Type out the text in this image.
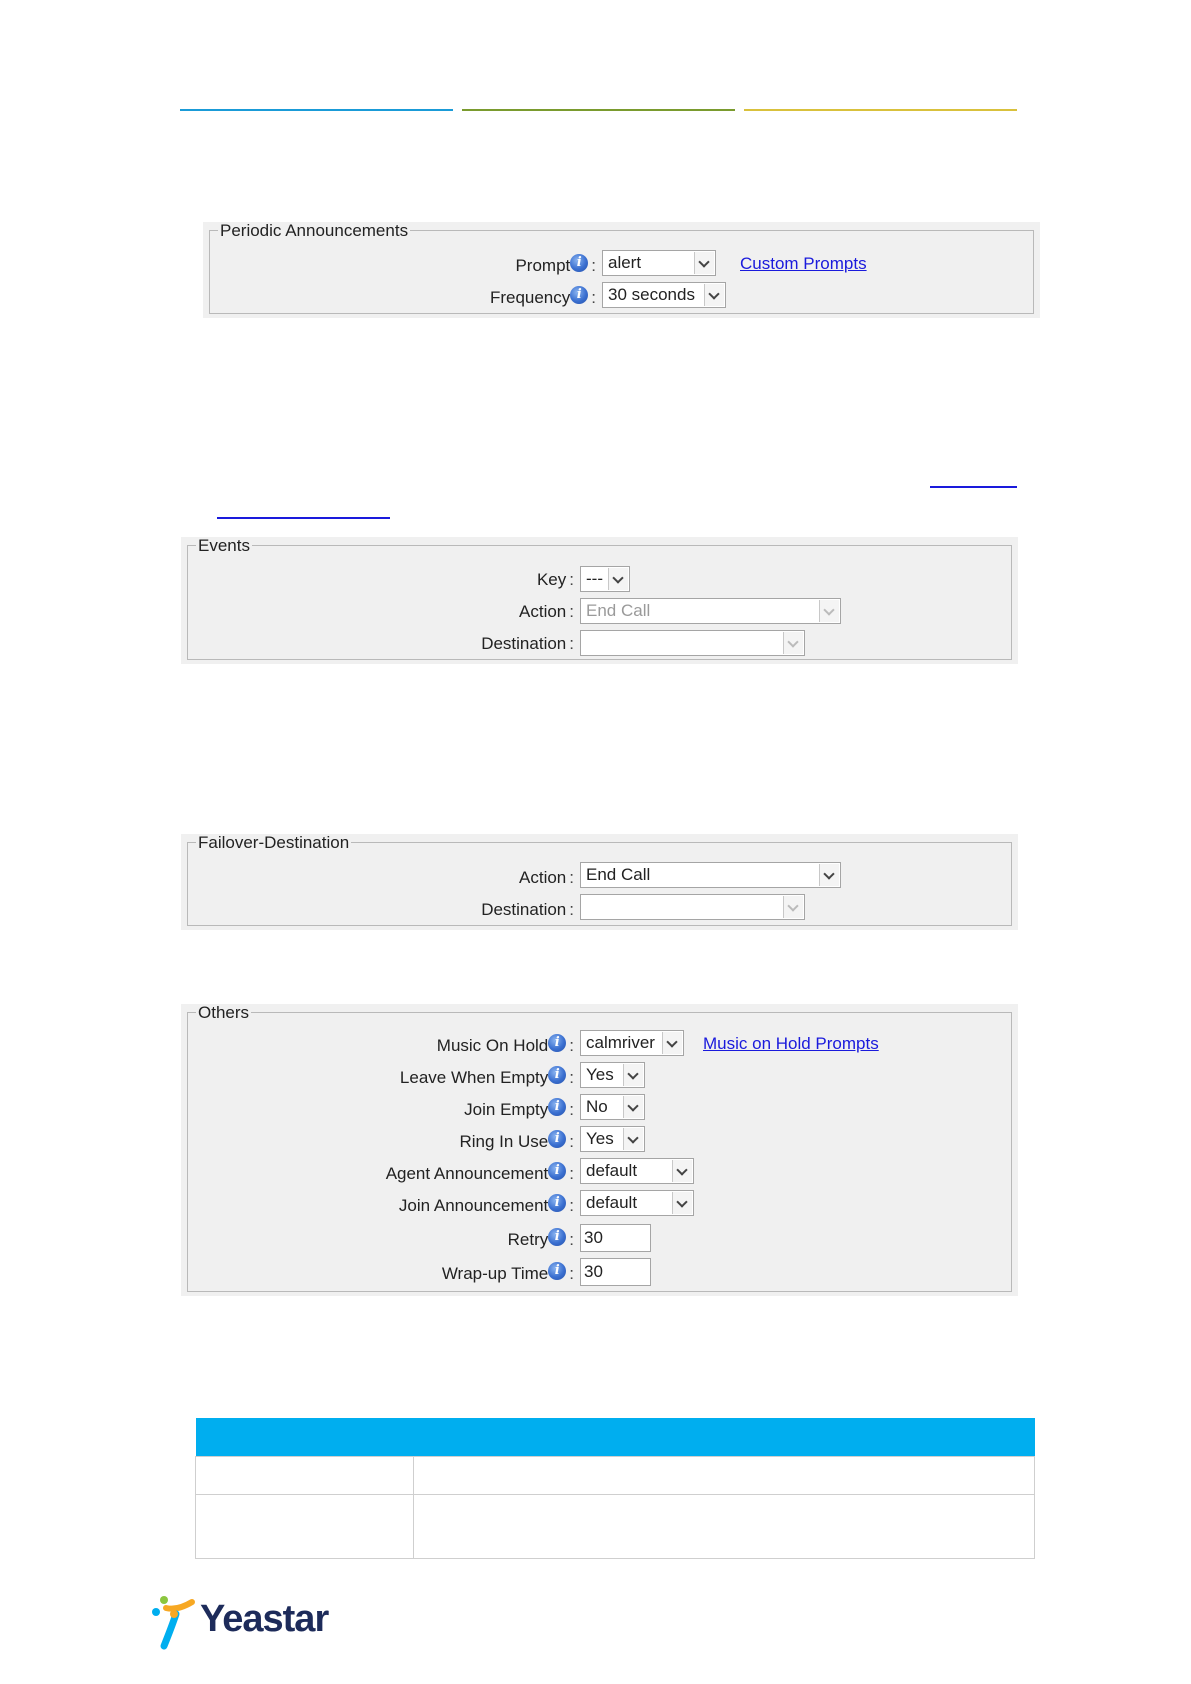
Periodic Announcements
Prompt i : alert	Custom Prompts
Frequency i : 30 seconds
Events
Key : ---
Action : End Call
Destination :
Failover-Destination
Action : End Call
Destination :
Others
Music On Hold i : calmriver	Music on Hold Prompts
Leave When Empty i : Yes
Join Empty i : No
Ring In Use i : Yes
Agent Announcement i : default
Join Announcement i : default
Retry i : 30
Wrap-up Time i : 30

Yeastar
